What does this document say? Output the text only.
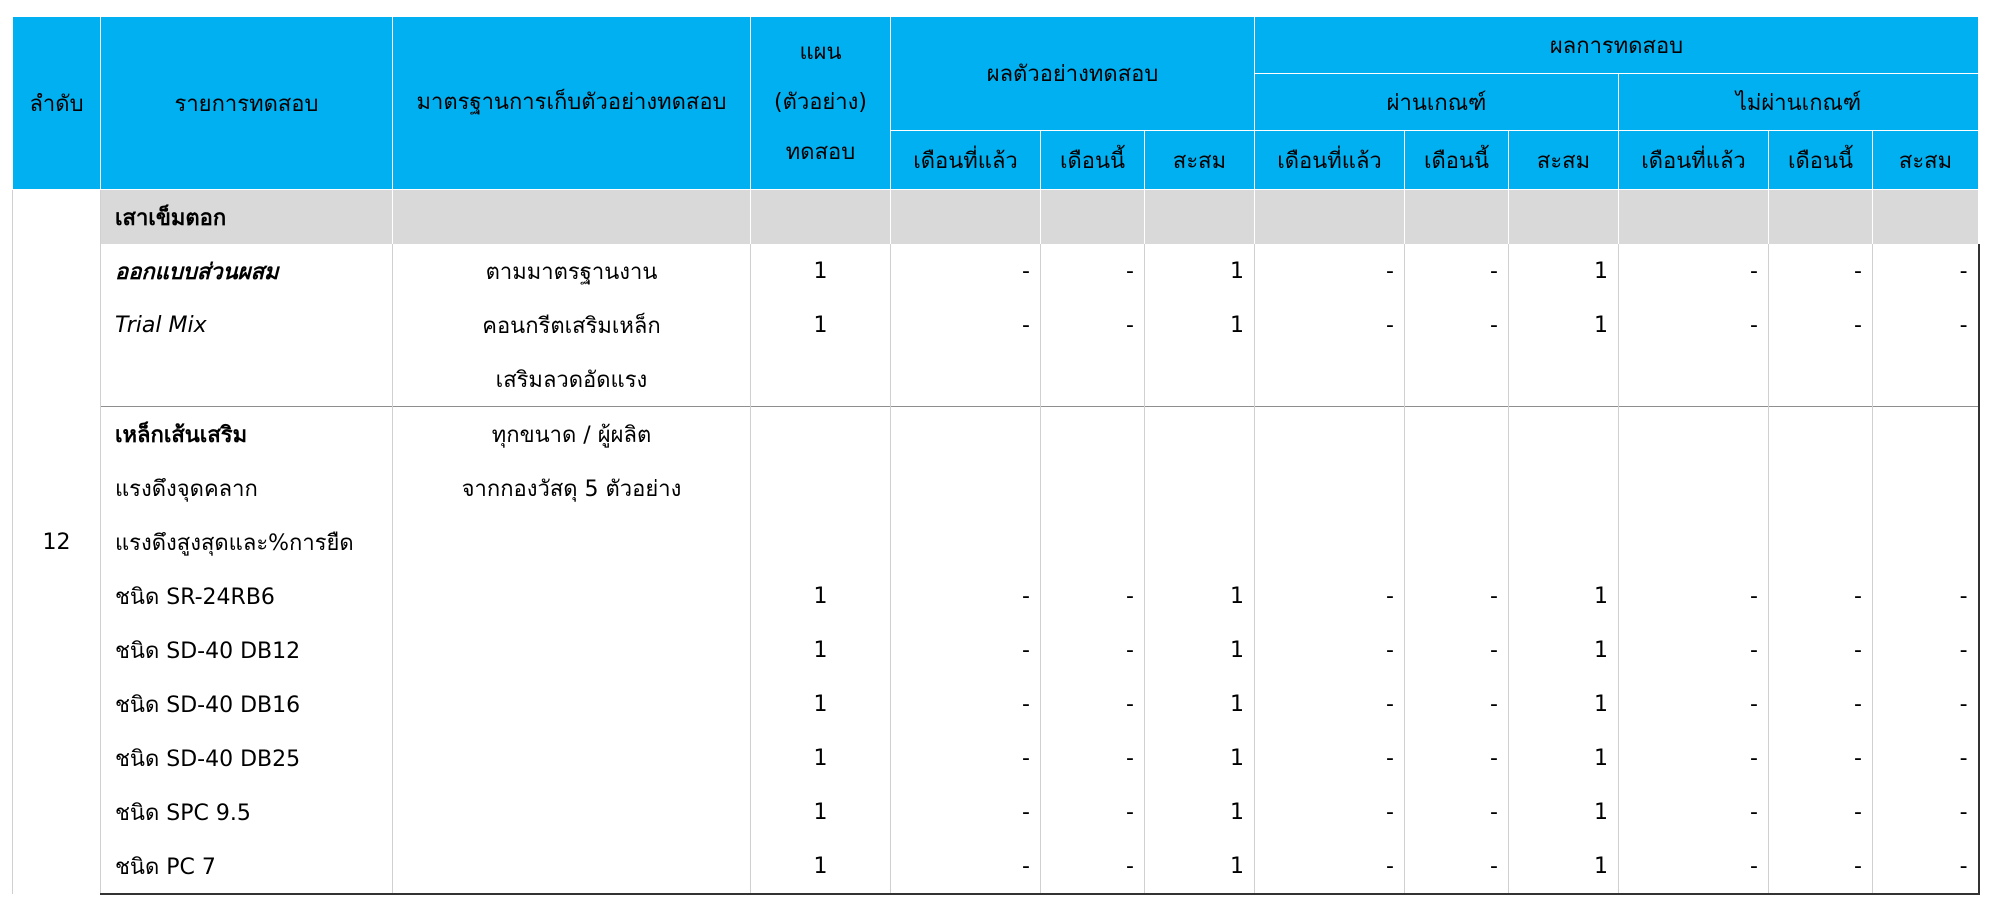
ลำดับ	รายการทดสอบ	มาตรฐานการเก็บตัวอย่างทดสอบ	แผน (ตัวอย่าง) ทดสอบ	ผลตัวอย่างทดสอบ			ผลการทดสอบ					
							ผ่านเกณฑ์			ไม่ผ่านเกณฑ์		
				เดือนที่แล้ว	เดือนนี้	สะสม	เดือนที่แล้ว	เดือนนี้	สะสม	เดือนที่แล้ว	เดือนนี้	สะสม
12	เสาเข็มตอก											
	ออกแบบส่วนผสม	ตามมาตรฐานงาน	1	-	-	1	-	-	1	-	-	-
	Trial Mix	คอนกรีตเสริมเหล็ก	1	-	-	1	-	-	1	-	-	-
		เสริมลวดอัดแรง										
	เหล็กเส้นเสริม	ทุกขนาด / ผู้ผลิต										
	แรงดึงจุดคลาก	จากกองวัสดุ 5 ตัวอย่าง										
	แรงดึงสูงสุดและ%การยืด											
	ชนิด SR-24RB6		1	-	-	1	-	-	1	-	-	-
	ชนิด SD-40 DB12		1	-	-	1	-	-	1	-	-	-
	ชนิด SD-40 DB16		1	-	-	1	-	-	1	-	-	-
	ชนิด SD-40 DB25		1	-	-	1	-	-	1	-	-	-
	ชนิด SPC 9.5		1	-	-	1	-	-	1	-	-	-
	ชนิด PC 7		1	-	-	1	-	-	1	-	-	-
